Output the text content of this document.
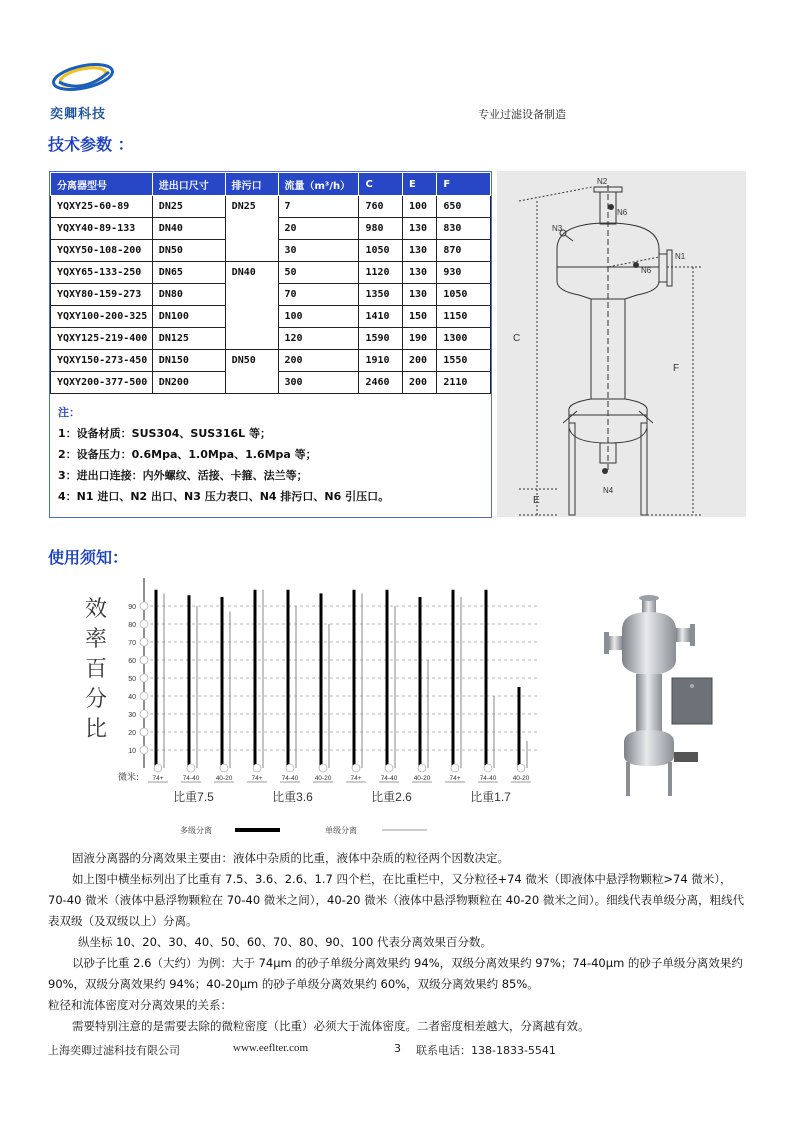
奕卿科技	专业过滤设备制造
技术参数 ：
分离器型号	进出口尺寸	排污口	流量（m³/h）	C	E	F
YQXY25-60-89	DN25	DN25	7	760	100	650
YQXY40-89-133	DN40		20	980	130	830
YQXY50-108-200	DN50		30	1050	130	870
YQXY65-133-250	DN65	DN40	50	1120	130	930
YQXY80-159-273	DN80		70	1350	130	1050
YQXY100-200-325	DN100		100	1410	150	1150
YQXY125-219-400	DN125		120	1590	190	1300
YQXY150-273-450	DN150	DN50	200	1910	200	1550
YQXY200-377-500	DN200		300	2460	200	2110
注：
1：设备材质：SUS304、SUS316L 等；
2：设备压力：0.6Mpa、1.0Mpa、1.6Mpa 等；
3：进出口连接：内外螺纹、活接、卡箍、法兰等；
4：N1 进口、N2 出口、N3 压力表口、N4 排污口、N6 引压口。
N2
N3
N6
N6
N1
C
F
E
N4
使用须知：
10
20
30
40
50
60
70
80
90
效
率
百
分
比
74+	74-40	40-20
比重7.5
74+	74-40	40-20
比重3.6
74+	74-40	40-20
比重2.6
74+	74-40	40-20
比重1.7
微米:
多级分离	单级分离
固液分离器的分离效果主要由：液体中杂质的比重，液体中杂质的粒径两个因数决定。
如上图中横坐标列出了比重有 7.5、3.6、2.6、1.7 四个栏，在比重栏中，又分粒径+74 微米（即液体中悬浮物颗粒>74 微米），70-40 微米（液体中悬浮物颗粒在 70-40 微米之间），40-20 微米（液体中悬浮物颗粒在 40-20 微米之间）。细线代表单级分离，粗线代表双级（及双级以上）分离。
纵坐标 10、20、30、40、50、60、70、80、90、100 代表分离效果百分数。
以砂子比重 2.6（大约）为例：大于 74μm 的砂子单级分离效果约 94%，双级分离效果约 97%；74-40μm 的砂子单级分离效果约 90%，双级分离效果约 94%；40-20μm 的砂子单级分离效果约 60%，双级分离效果约 85%。
粒径和流体密度对分离效果的关系：
需要特别注意的是需要去除的微粒密度（比重）必须大于流体密度。二者密度相差越大，分离越有效。
上海奕卿过滤科技有限公司	www.eeflter.com	3 联系电话：138-1833-5541
